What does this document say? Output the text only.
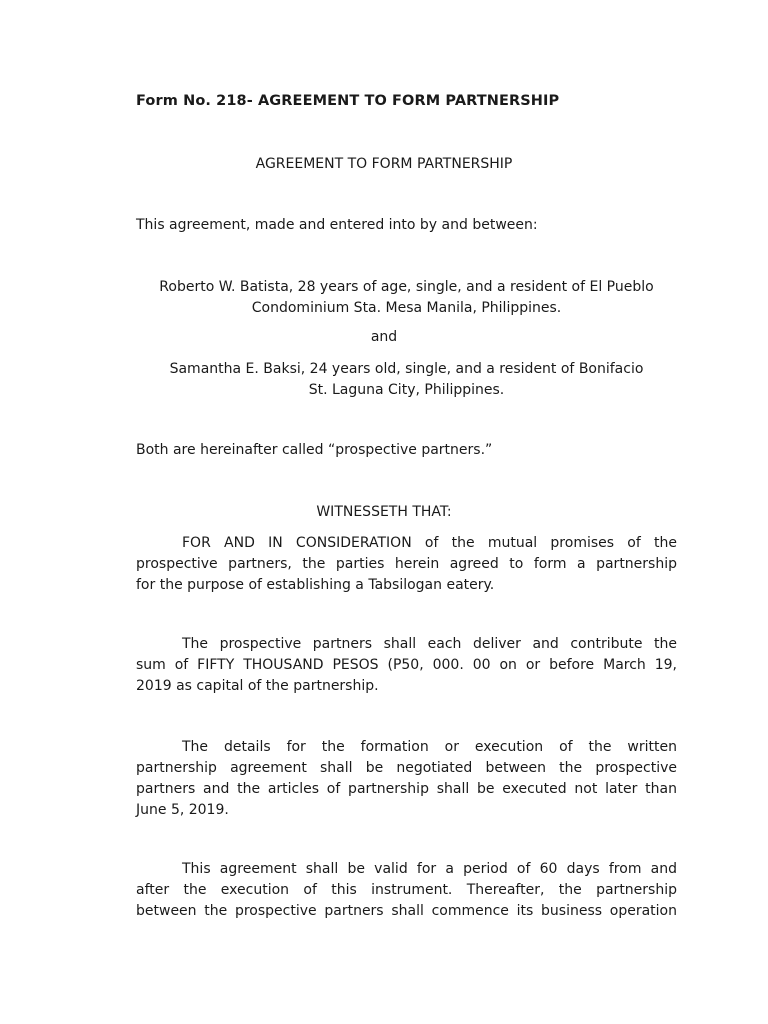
Form No. 218- AGREEMENT TO FORM PARTNERSHIP
AGREEMENT TO FORM PARTNERSHIP
This agreement, made and entered into by and between:
Roberto W. Batista, 28 years of age, single, and a resident of El Pueblo
Condominium Sta. Mesa Manila, Philippines.
and
Samantha E. Baksi, 24 years old, single, and a resident of Bonifacio
St. Laguna City, Philippines.
Both are hereinafter called “prospective partners.”
WITNESSETH THAT:
FOR AND IN CONSIDERATION of the mutual promises of the
prospective partners, the parties herein agreed to form a partnership
for the purpose of establishing a Tabsilogan eatery.
The prospective partners shall each deliver and contribute the
sum of FIFTY THOUSAND PESOS (P50, 000. 00 on or before March 19,
2019 as capital of the partnership.
The details for the formation or execution of the written
partnership agreement shall be negotiated between the prospective
partners and the articles of partnership shall be executed not later than
June 5, 2019.
This agreement shall be valid for a period of 60 days from and
after the execution of this instrument. Thereafter, the partnership
between the prospective partners shall commence its business operation
